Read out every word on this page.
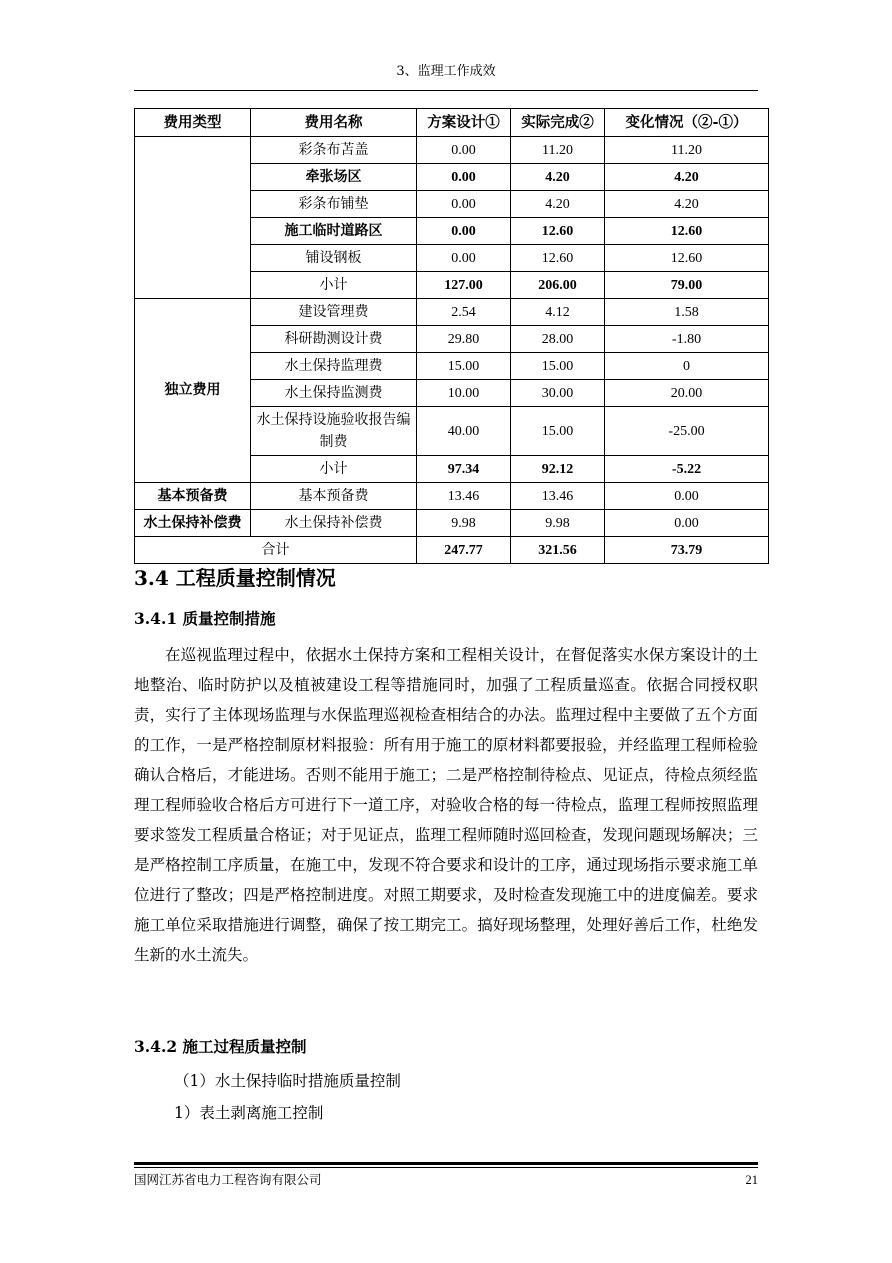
3、监理工作成效
费用类型	费用名称	方案设计①	实际完成②	变化情况（②-①）
	彩条布苫盖	0.00	11.20	11.20
	牵张场区	0.00	4.20	4.20
	彩条布铺垫	0.00	4.20	4.20
	施工临时道路区	0.00	12.60	12.60
	铺设钢板	0.00	12.60	12.60
	小计	127.00	206.00	79.00
独立费用	建设管理费	2.54	4.12	1.58
	科研勘测设计费	29.80	28.00	-1.80
	水土保持监理费	15.00	15.00	0
	水土保持监测费	10.00	30.00	20.00
	水土保持设施验收报告编制费	40.00	15.00	-25.00
	小计	97.34	92.12	-5.22
基本预备费	基本预备费	13.46	13.46	0.00
水土保持补偿费	水土保持补偿费	9.98	9.98	0.00
合计		247.77	321.56	73.79
3.4 工程质量控制情况
3.4.1 质量控制措施

在巡视监理过程中，依据水土保持方案和工程相关设计，在督促落实水保方案设计的土地整治、临时防护以及植被建设工程等措施同时，加强了工程质量巡查。依据合同授权职责，实行了主体现场监理与水保监理巡视检查相结合的办法。监理过程中主要做了五个方面的工作，一是严格控制原材料报验：所有用于施工的原材料都要报验，并经监理工程师检验确认合格后，才能进场。否则不能用于施工；二是严格控制待检点、见证点，待检点须经监理工程师验收合格后方可进行下一道工序，对验收合格的每一待检点，监理工程师按照监理要求签发工程质量合格证；对于见证点，监理工程师随时巡回检查，发现问题现场解决；三是严格控制工序质量，在施工中，发现不符合要求和设计的工序，通过现场指示要求施工单位进行了整改；四是严格控制进度。对照工期要求，及时检查发现施工中的进度偏差。要求施工单位采取措施进行调整，确保了按工期完工。搞好现场整理，处理好善后工作，杜绝发生新的水土流失。

3.4.2 施工过程质量控制

（1）水土保持临时措施质量控制

1）表土剥离施工控制

国网江苏省电力工程咨询有限公司	21
